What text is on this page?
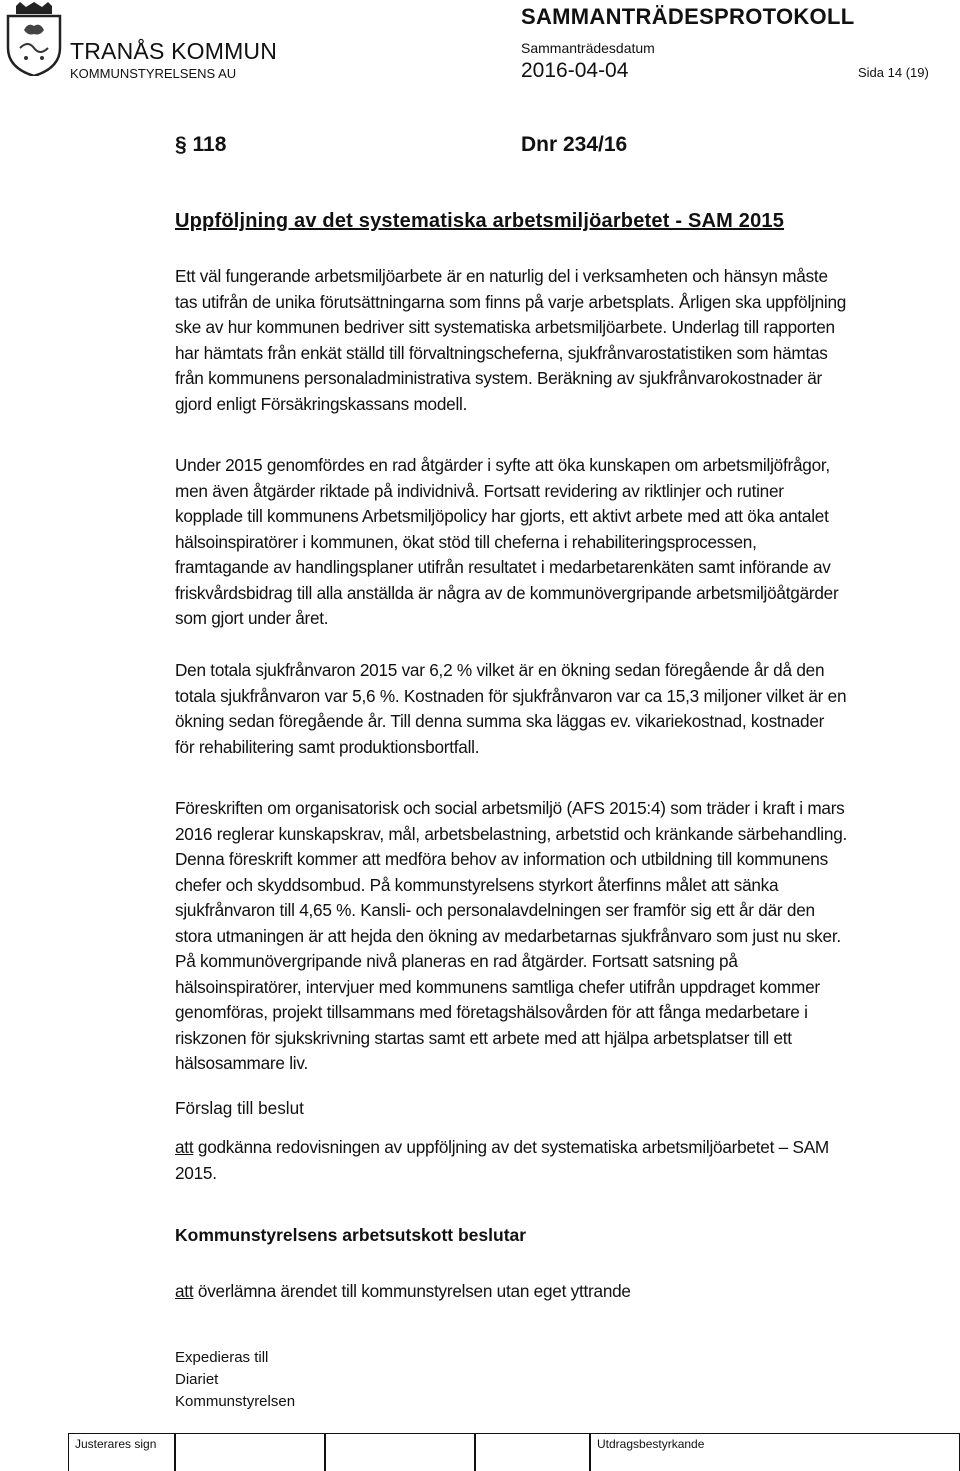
TRANÅS KOMMUN
KOMMUNSTYRELSENS AU
SAMMANTRÄDESPROTOKOLL
Sammanträdesdatum
2016-04-04	Sida 14 (19)
§ 118	Dnr 234/16
Uppföljning av det systematiska arbetsmiljöarbetet - SAM 2015

Ett väl fungerande arbetsmiljöarbete är en naturlig del i verksamheten och hänsyn måste
tas utifrån de unika förutsättningarna som finns på varje arbetsplats. Årligen ska uppföljning
ske av hur kommunen bedriver sitt systematiska arbetsmiljöarbete. Underlag till rapporten
har hämtats från enkät ställd till förvaltningscheferna, sjukfrånvarostatistiken som hämtas
från kommunens personaladministrativa system. Beräkning av sjukfrånvarokostnader är
gjord enligt Försäkringskassans modell.

Under 2015 genomfördes en rad åtgärder i syfte att öka kunskapen om arbetsmiljöfrågor,
men även åtgärder riktade på individnivå. Fortsatt revidering av riktlinjer och rutiner
kopplade till kommunens Arbetsmiljöpolicy har gjorts, ett aktivt arbete med att öka antalet
hälsoinspiratörer i kommunen, ökat stöd till cheferna i rehabiliteringsprocessen,
framtagande av handlingsplaner utifrån resultatet i medarbetarenkäten samt införande av
friskvårdsbidrag till alla anställda är några av de kommunövergripande arbetsmiljöåtgärder
som gjort under året.

Den totala sjukfrånvaron 2015 var 6,2 % vilket är en ökning sedan föregående år då den
totala sjukfrånvaron var 5,6 %. Kostnaden för sjukfrånvaron var ca 15,3 miljoner vilket är en
ökning sedan föregående år. Till denna summa ska läggas ev. vikariekostnad, kostnader
för rehabilitering samt produktionsbortfall.

Föreskriften om organisatorisk och social arbetsmiljö (AFS 2015:4) som träder i kraft i mars
2016 reglerar kunskapskrav, mål, arbetsbelastning, arbetstid och kränkande särbehandling.
Denna föreskrift kommer att medföra behov av information och utbildning till kommunens
chefer och skyddsombud. På kommunstyrelsens styrkort återfinns målet att sänka
sjukfrånvaron till 4,65 %. Kansli- och personalavdelningen ser framför sig ett år där den
stora utmaningen är att hejda den ökning av medarbetarnas sjukfrånvaro som just nu sker.
På kommunövergripande nivå planeras en rad åtgärder. Fortsatt satsning på
hälsoinspiratörer, intervjuer med kommunens samtliga chefer utifrån uppdraget kommer
genomföras, projekt tillsammans med företagshälsovården för att fånga medarbetare i
riskzonen för sjukskrivning startas samt ett arbete med att hjälpa arbetsplatser till ett
hälsosammare liv.

Förslag till beslut

att godkänna redovisningen av uppföljning av det systematiska arbetsmiljöarbetet – SAM
2015.

Kommunstyrelsens arbetsutskott beslutar

att överlämna ärendet till kommunstyrelsen utan eget yttrande

Expedieras till
Diariet
Kommunstyrelsen
Justerares sign	Utdragsbestyrkande
